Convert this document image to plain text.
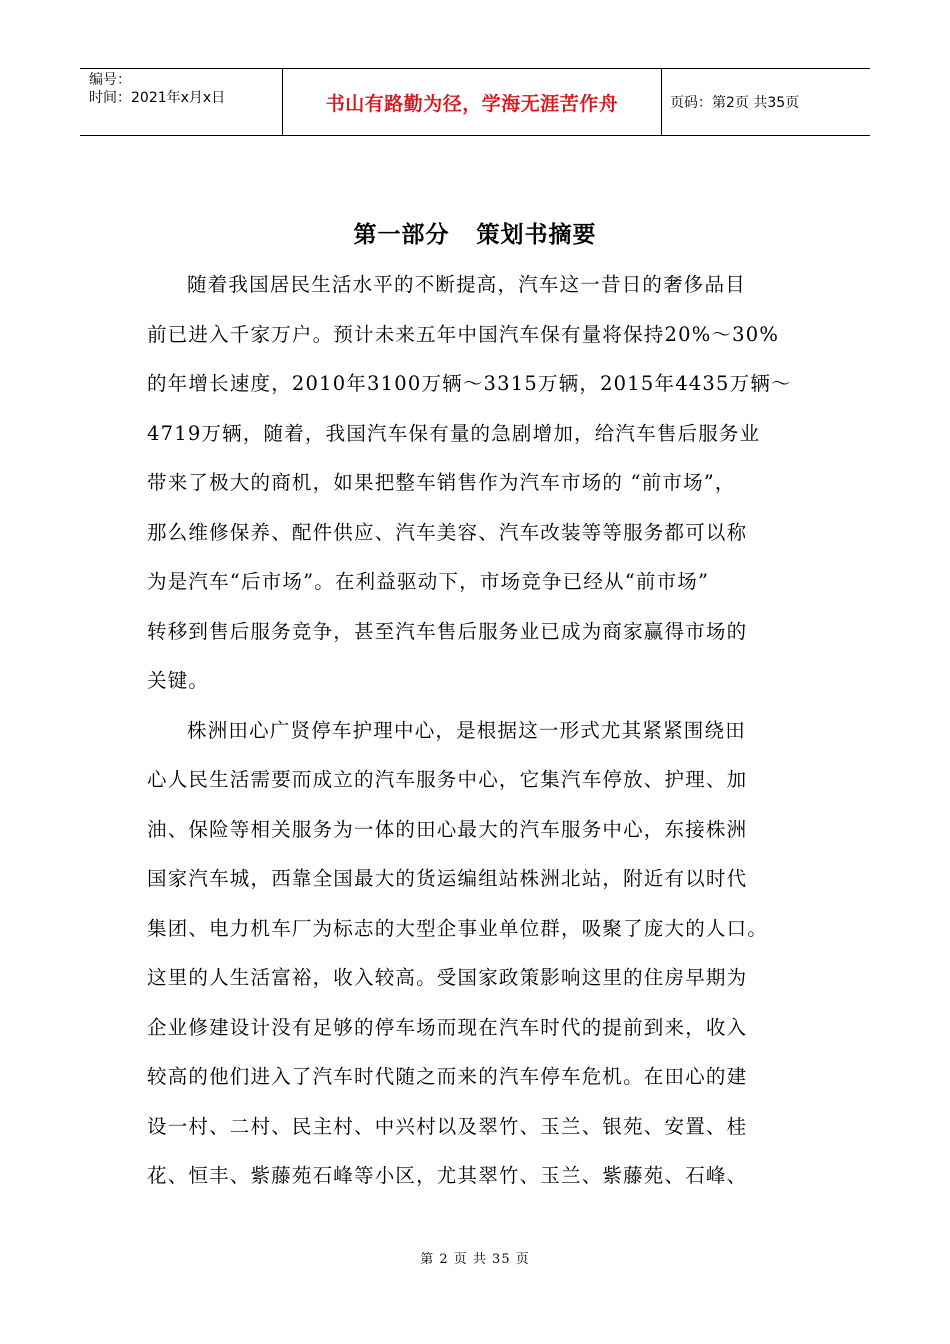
编号：
时间：2021年x月x日	书山有路勤为径，学海无涯苦作舟	页码：第2页 共35页
第一部分   策划书摘要
随着我国居民生活水平的不断提高，汽车这一昔日的奢侈品目
前已进入千家万户。预计未来五年中国汽车保有量将保持20%～30%
的年增长速度，2010年3100万辆～3315万辆，2015年4435万辆～
4719万辆，随着，我国汽车保有量的急剧增加，给汽车售后服务业
带来了极大的商机，如果把整车销售作为汽车市场的 “前市场”，
那么维修保养、配件供应、汽车美容、汽车改装等等服务都可以称
为是汽车“后市场”。在利益驱动下，市场竞争已经从“前市场”
转移到售后服务竞争，甚至汽车售后服务业已成为商家赢得市场的
关键。
株洲田心广贤停车护理中心，是根据这一形式尤其紧紧围绕田
心人民生活需要而成立的汽车服务中心，它集汽车停放、护理、加
油、保险等相关服务为一体的田心最大的汽车服务中心，东接株洲
国家汽车城，西靠全国最大的货运编组站株洲北站，附近有以时代
集团、电力机车厂为标志的大型企事业单位群，吸聚了庞大的人口。
这里的人生活富裕，收入较高。受国家政策影响这里的住房早期为
企业修建设计没有足够的停车场而现在汽车时代的提前到来，收入
较高的他们进入了汽车时代随之而来的汽车停车危机。在田心的建
设一村、二村、民主村、中兴村以及翠竹、玉兰、银苑、安置、桂
花、恒丰、紫藤苑石峰等小区，尤其翠竹、玉兰、紫藤苑、石峰、
第 2 页 共 35 页
